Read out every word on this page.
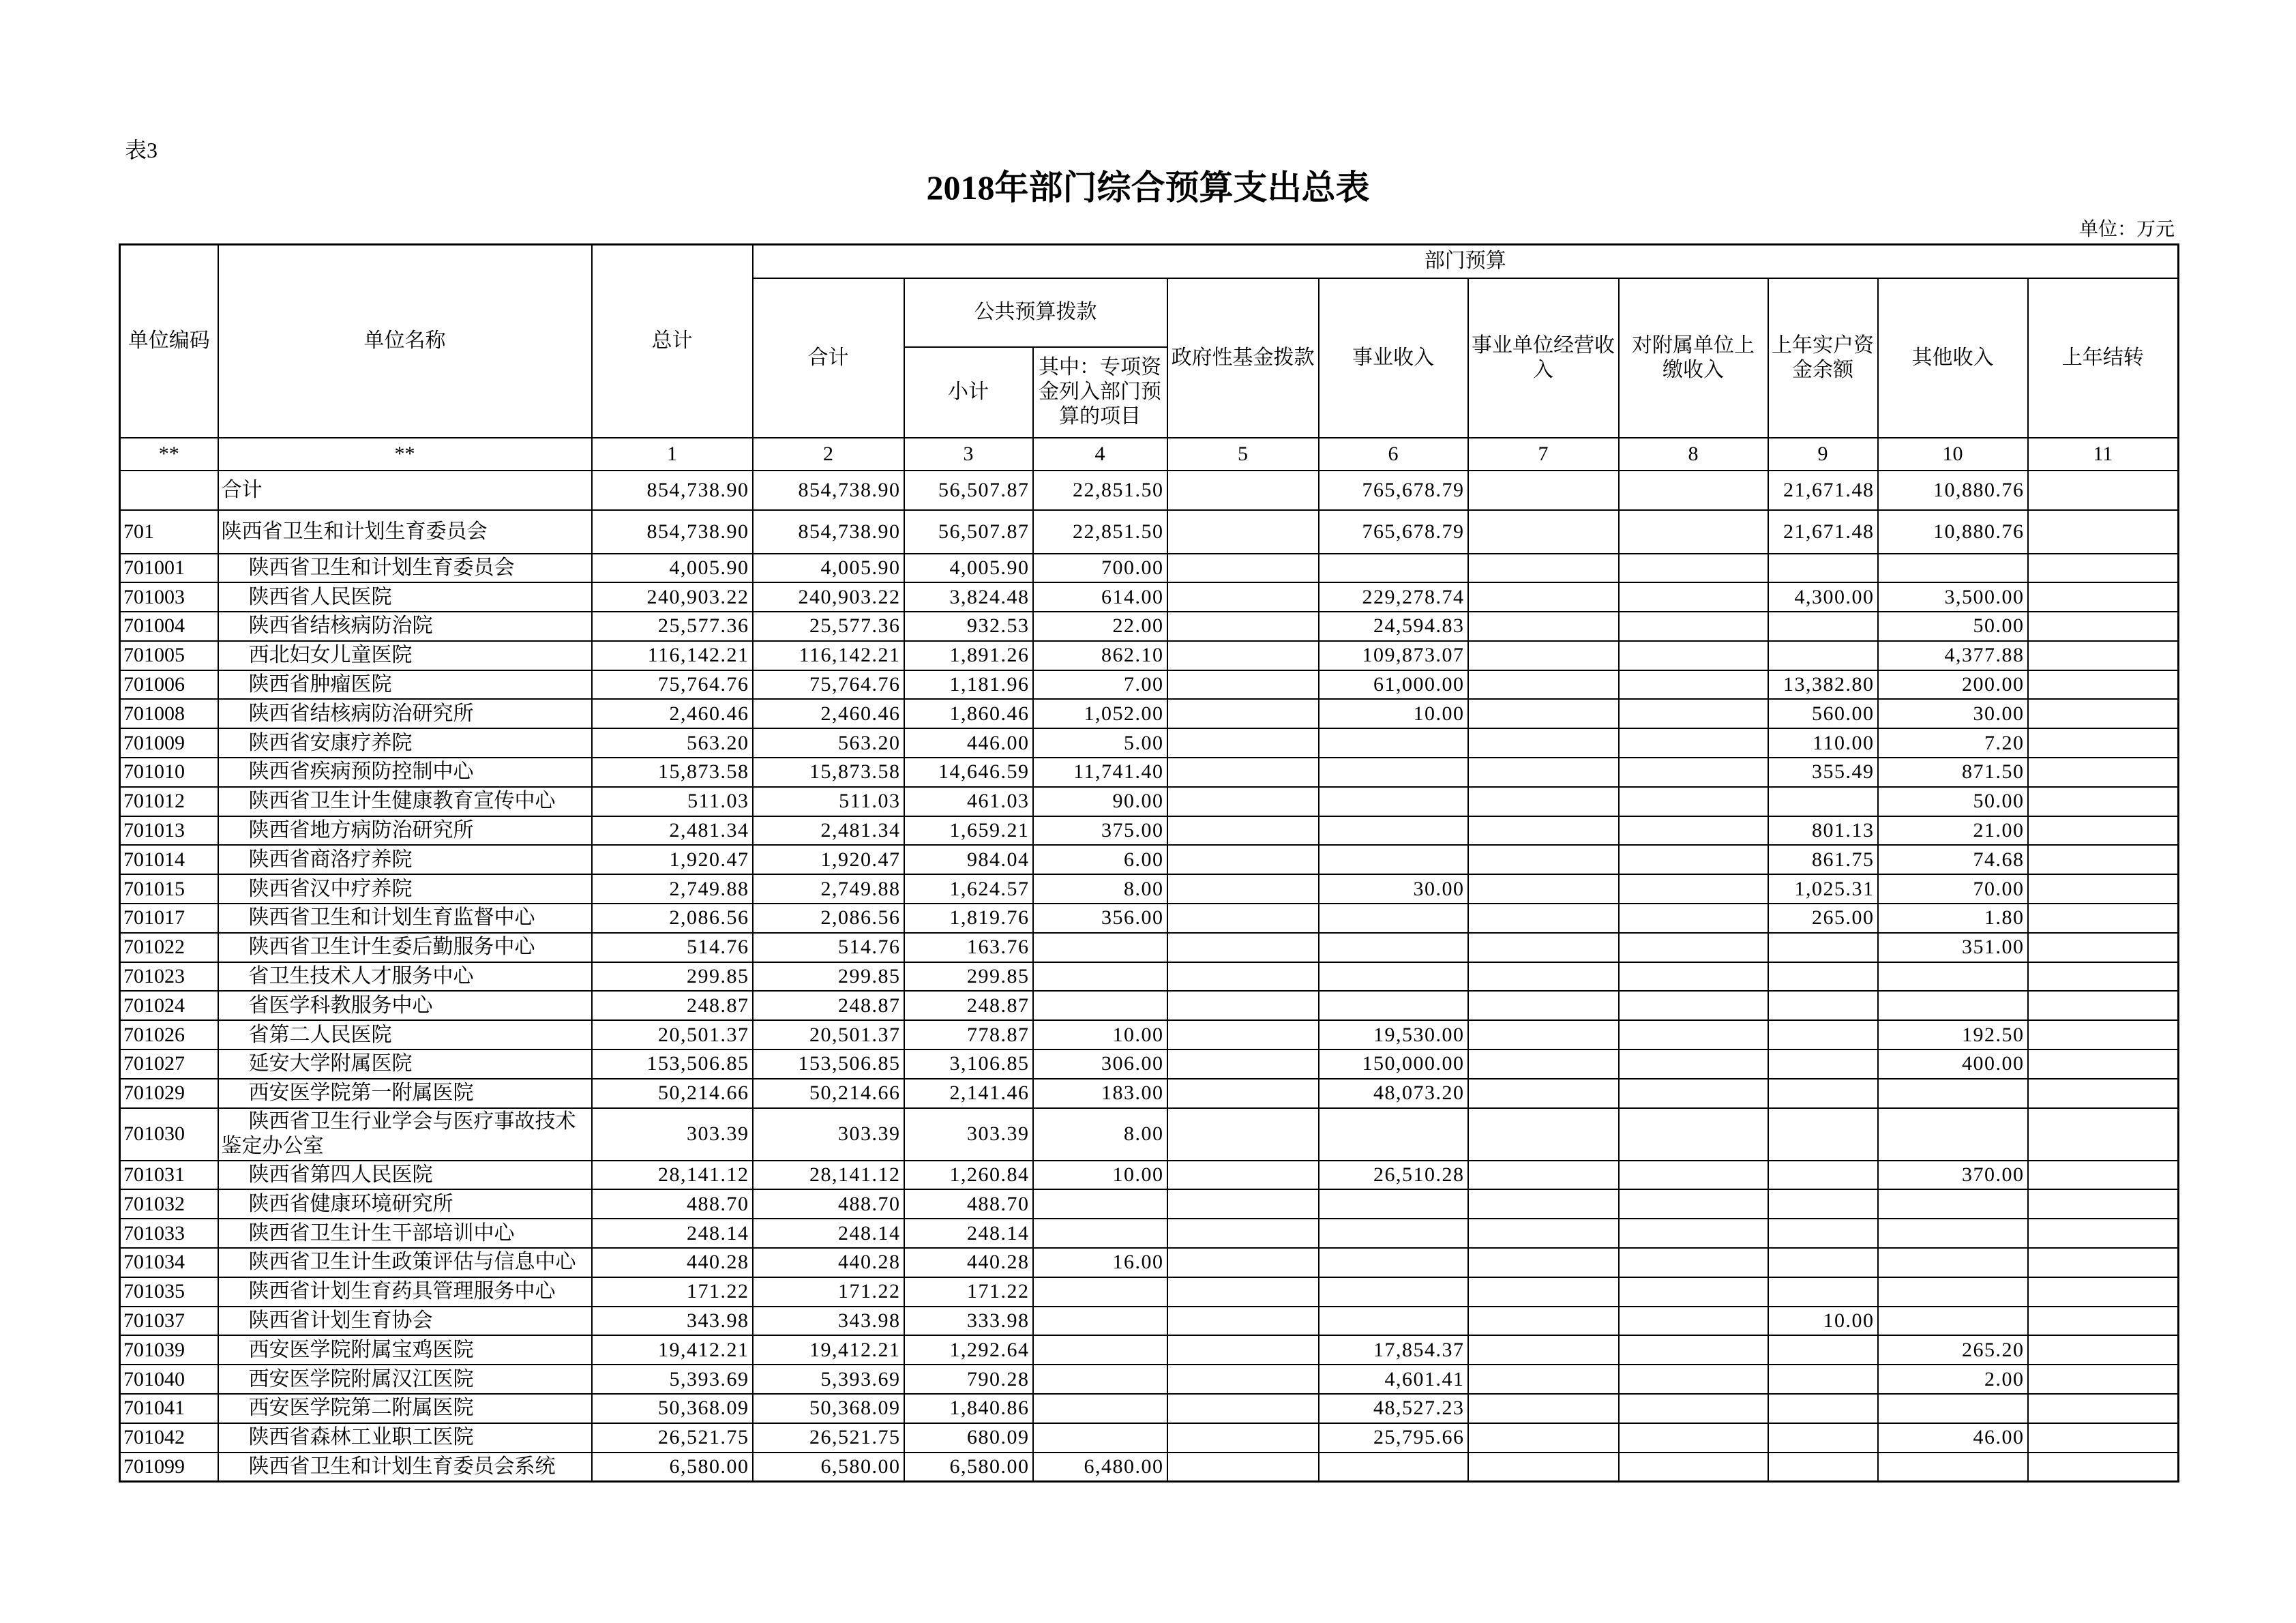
表3
2018年部门综合预算支出总表
单位：万元
单位编码	单位名称	总计	部门预算									
			合计	公共预算拨款		政府性基金拨款	事业收入	事业单位经营收入	对附属单位上缴收入	上年实户资金余额	其他收入	上年结转
				小计	其中：专项资金列入部门预算的项目							
**	**	1	2	3	4	5	6	7	8	9	10	11
	合计	854,738.90	854,738.90	56,507.87	22,851.50		765,678.79			21,671.48	10,880.76	
701	陕西省卫生和计划生育委员会	854,738.90	854,738.90	56,507.87	22,851.50		765,678.79			21,671.48	10,880.76	
701001	陕西省卫生和计划生育委员会	4,005.90	4,005.90	4,005.90	700.00							
701003	陕西省人民医院	240,903.22	240,903.22	3,824.48	614.00		229,278.74			4,300.00	3,500.00	
701004	陕西省结核病防治院	25,577.36	25,577.36	932.53	22.00		24,594.83				50.00	
701005	西北妇女儿童医院	116,142.21	116,142.21	1,891.26	862.10		109,873.07				4,377.88	
701006	陕西省肿瘤医院	75,764.76	75,764.76	1,181.96	7.00		61,000.00			13,382.80	200.00	
701008	陕西省结核病防治研究所	2,460.46	2,460.46	1,860.46	1,052.00		10.00			560.00	30.00	
701009	陕西省安康疗养院	563.20	563.20	446.00	5.00					110.00	7.20	
701010	陕西省疾病预防控制中心	15,873.58	15,873.58	14,646.59	11,741.40					355.49	871.50	
701012	陕西省卫生计生健康教育宣传中心	511.03	511.03	461.03	90.00						50.00	
701013	陕西省地方病防治研究所	2,481.34	2,481.34	1,659.21	375.00					801.13	21.00	
701014	陕西省商洛疗养院	1,920.47	1,920.47	984.04	6.00					861.75	74.68	
701015	陕西省汉中疗养院	2,749.88	2,749.88	1,624.57	8.00		30.00			1,025.31	70.00	
701017	陕西省卫生和计划生育监督中心	2,086.56	2,086.56	1,819.76	356.00					265.00	1.80	
701022	陕西省卫生计生委后勤服务中心	514.76	514.76	163.76							351.00	
701023	省卫生技术人才服务中心	299.85	299.85	299.85								
701024	省医学科教服务中心	248.87	248.87	248.87								
701026	省第二人民医院	20,501.37	20,501.37	778.87	10.00		19,530.00				192.50	
701027	延安大学附属医院	153,506.85	153,506.85	3,106.85	306.00		150,000.00				400.00	
701029	西安医学院第一附属医院	50,214.66	50,214.66	2,141.46	183.00		48,073.20					
701030	陕西省卫生行业学会与医疗事故技术鉴定办公室	303.39	303.39	303.39	8.00							
701031	陕西省第四人民医院	28,141.12	28,141.12	1,260.84	10.00		26,510.28				370.00	
701032	陕西省健康环境研究所	488.70	488.70	488.70								
701033	陕西省卫生计生干部培训中心	248.14	248.14	248.14								
701034	陕西省卫生计生政策评估与信息中心	440.28	440.28	440.28	16.00							
701035	陕西省计划生育药具管理服务中心	171.22	171.22	171.22								
701037	陕西省计划生育协会	343.98	343.98	333.98						10.00		
701039	西安医学院附属宝鸡医院	19,412.21	19,412.21	1,292.64			17,854.37				265.20	
701040	西安医学院附属汉江医院	5,393.69	5,393.69	790.28			4,601.41				2.00	
701041	西安医学院第二附属医院	50,368.09	50,368.09	1,840.86			48,527.23					
701042	陕西省森林工业职工医院	26,521.75	26,521.75	680.09			25,795.66				46.00	
701099	陕西省卫生和计划生育委员会系统	6,580.00	6,580.00	6,580.00	6,480.00							
